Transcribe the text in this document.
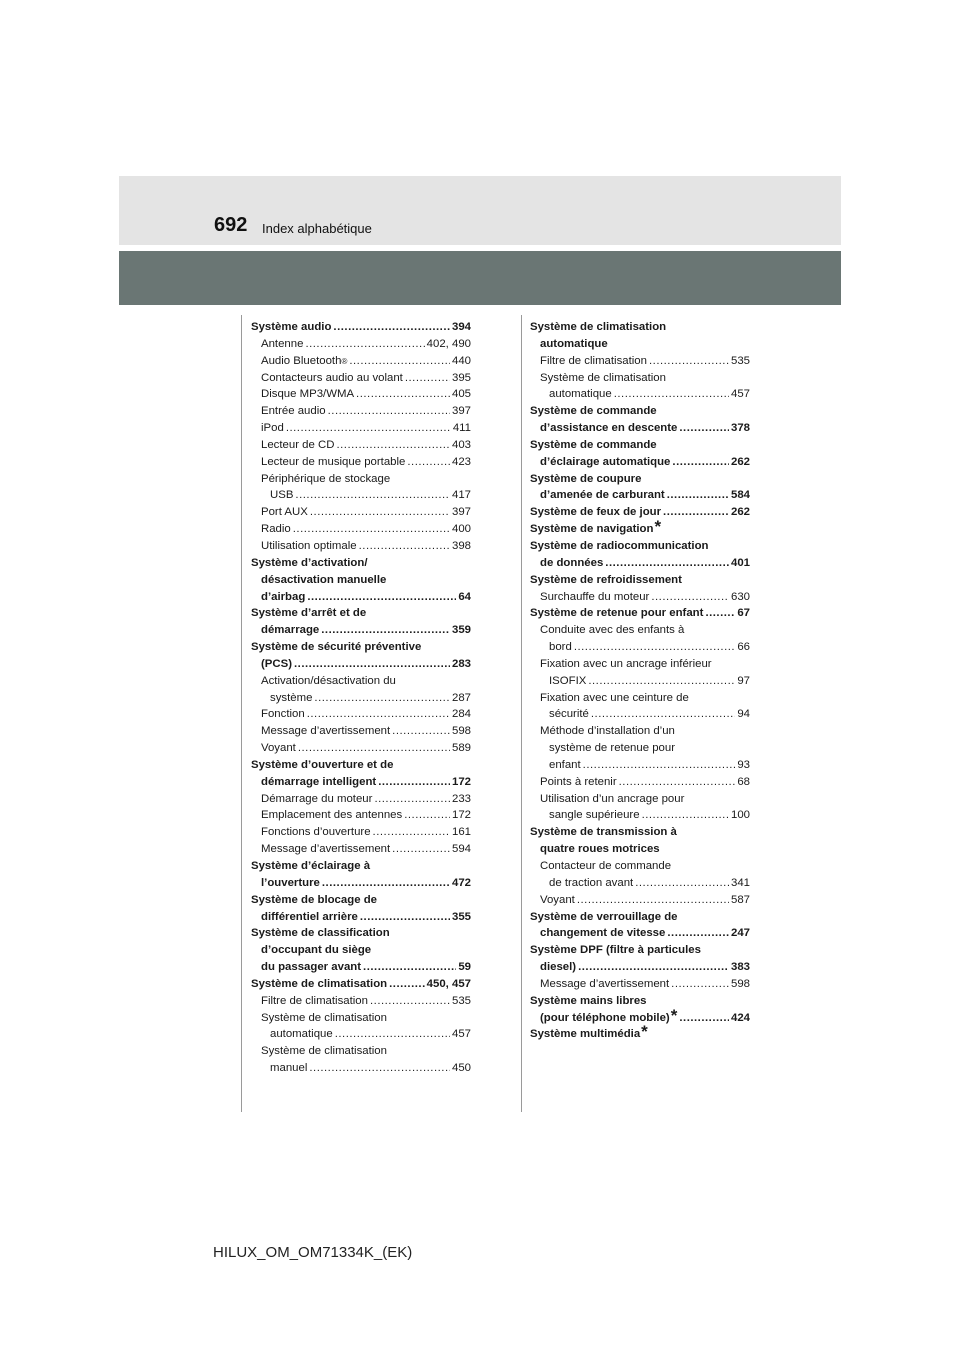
692 Index alphabétique
Système audio .....	394
Antenne .....	402, 490
Audio Bluetooth ® .....	440
Contacteurs audio au volant .....	395
Disque MP3/WMA .....	405
Entrée audio .....	397
iPod .....	411
Lecteur de CD .....	403
Lecteur de musique portable .....	423
Périphérique de stockage
USB .....	417
Port AUX .....	397
Radio .....	400
Utilisation optimale .....	398
Système d’activation/
désactivation manuelle
d’airbag .....	64
Système d’arrêt et de
démarrage .....	359
Système de sécurité préventive
(PCS) .....	283
Activation/désactivation du
système .....	287
Fonction .....	284
Message d’avertissement .....	598
Voyant .....	589
Système d’ouverture et de
démarrage intelligent .....	172
Démarrage du moteur .....	233
Emplacement des antennes .....	172
Fonctions d’ouverture .....	161
Message d’avertissement .....	594
Système d’éclairage à
l’ouverture .....	472
Système de blocage de
différentiel arrière .....	355
Système de classification
d’occupant du siège
du passager avant .....	59
Système de climatisation .....	450, 457
Filtre de climatisation .....	535
Système de climatisation
automatique .....	457
Système de climatisation
manuel .....	450
Système de climatisation
automatique
Filtre de climatisation .....	535
Système de climatisation
automatique .....	457
Système de commande
d’assistance en descente .....	378
Système de commande
d’éclairage automatique .....	262
Système de coupure
d’amenée de carburant .....	584
Système de feux de jour .....	262
Système de navigation *
Système de radiocommunication
de données .....	401
Système de refroidissement
Surchauffe du moteur .....	630
Système de retenue pour enfant .....	67
Conduite avec des enfants à
bord .....	66
Fixation avec un ancrage inférieur
ISOFIX .....	97
Fixation avec une ceinture de
sécurité .....	94
Méthode d’installation d’un
système de retenue pour
enfant .....	93
Points à retenir .....	68
Utilisation d’un ancrage pour
sangle supérieure .....	100
Système de transmission à
quatre roues motrices
Contacteur de commande
de traction avant .....	341
Voyant .....	587
Système de verrouillage de
changement de vitesse .....	247
Système DPF (filtre à particules
diesel) .....	383
Message d’avertissement .....	598
Système mains libres
(pour téléphone mobile) * .....	424
Système multimédia *
HILUX_OM_OM71334K_(EK)
